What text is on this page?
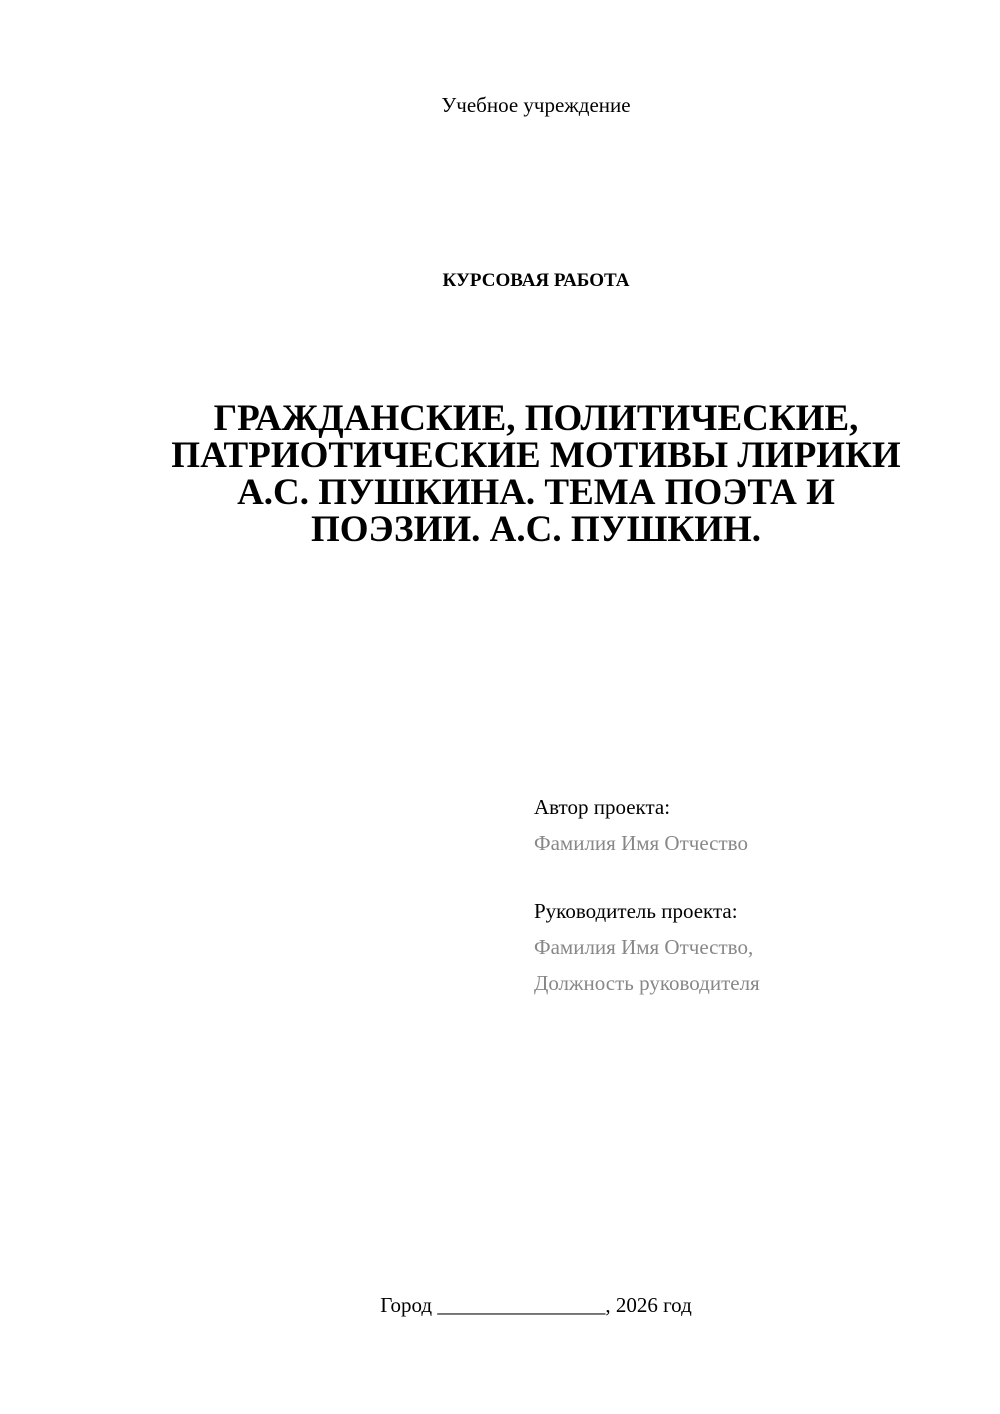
Учебное учреждение
КУРСОВАЯ РАБОТА
ГРАЖДАНСКИЕ, ПОЛИТИЧЕСКИЕ,
ПАТРИОТИЧЕСКИЕ МОТИВЫ ЛИРИКИ
А.С. ПУШКИНА. ТЕМА ПОЭТА И
ПОЭЗИИ. А.С. ПУШКИН.
Автор проекта:
Фамилия Имя Отчество
Руководитель проекта:
Фамилия Имя Отчество,
Должность руководителя
Город ________________, 2026 год
